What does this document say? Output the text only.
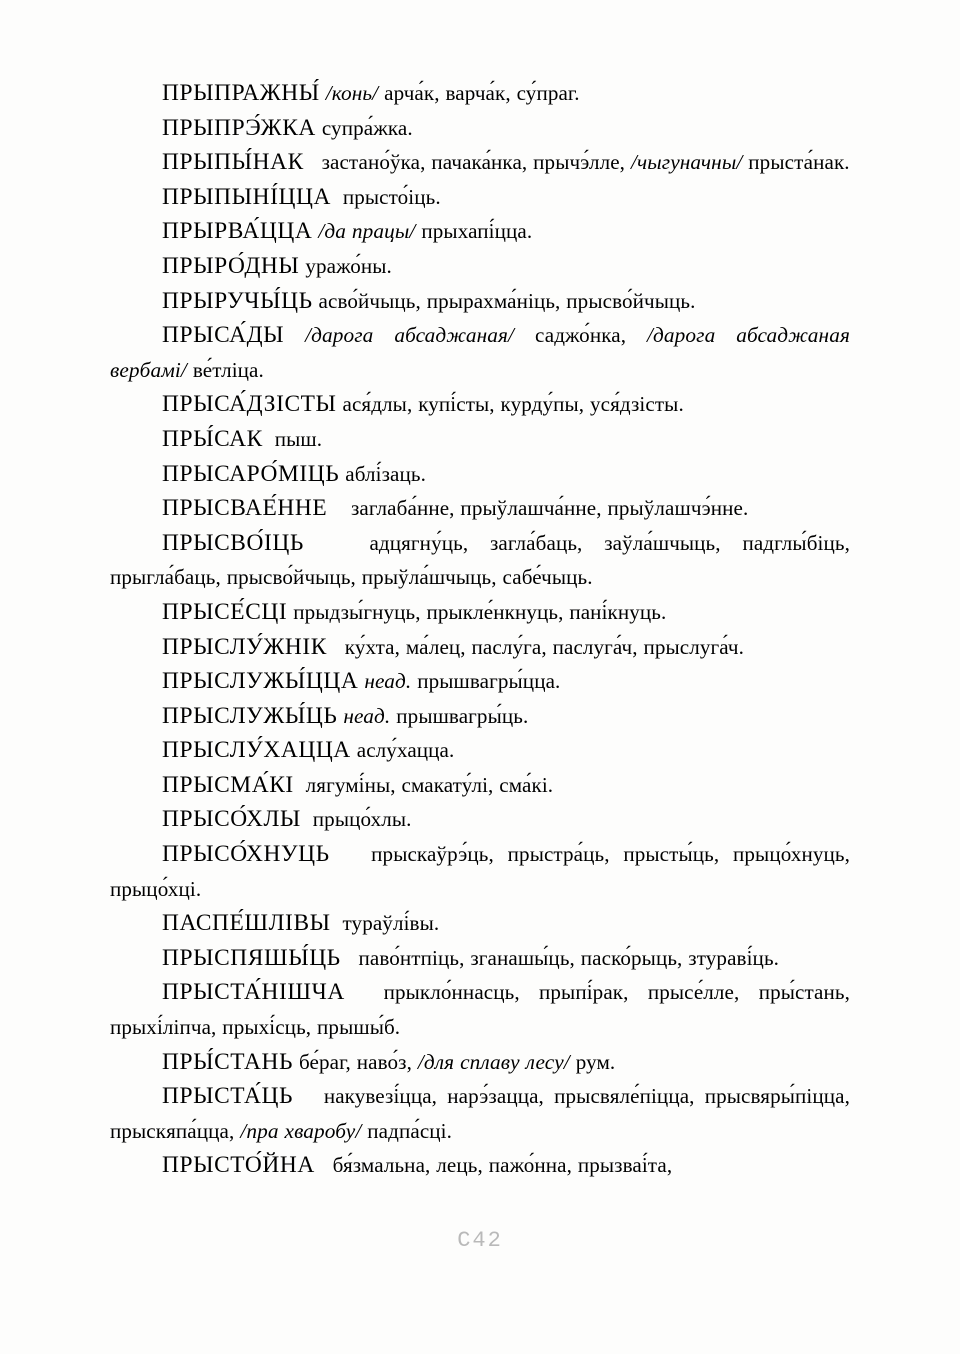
ПРЫПРАЖНЫ́ /конь/ арча́к, варча́к, су́праг.

ПРЫПРЭ́ЖКА супра́жка.

ПРЫПЫ́НАК застано́ўка, пачака́нка, прычэ́лле, /чыгуначны/ прыста́нак.

ПРЫПЫНІ́ЦЦА прысто́іць.

ПРЫРВА́ЦЦА /да працы/ прыхапі́цца.

ПРЫРО́ДНЫ уражо́ны.

ПРЫРУЧЫ́ЦЬ асво́йчыць, прырахма́ніць, прысво́йчыць.

ПРЫСА́ДЫ /дарога абсаджаная/ саджо́нка, /дарога абсаджаная вербамі/ ве́тліца.

ПРЫСА́ДЗІСТЫ ася́длы, купі́сты, курду́пы, уся́дзісты.

ПРЫ́САК пыш.

ПРЫСАРО́МІЦЬ аблі́заць.

ПРЫСВАЕ́ННЕ заглаба́нне, прыўлашча́нне, прыўлашчэ́нне.

ПРЫСВО́ІЦЬ	адцягну́ць, загла́баць, заўла́шчыць, падглы́біць, прыгла́баць, прысво́йчыць, прыўла́шчыць, сабе́чыць.

ПРЫСЕ́СЦІ прыдзы́гнуць, прыкле́нкнуць, пані́кнуць.

ПРЫСЛУ́ЖНІК ку́хта, ма́лец, паслу́га, паслуга́ч, прыслуга́ч.

ПРЫСЛУЖЫ́ЦЦА неад. прышвагры́цца.

ПРЫСЛУЖЫ́ЦЬ неад. прышвагры́ць.

ПРЫСЛУ́ХАЦЦА аслу́хацца.

ПРЫСМА́КІ лягумі́ны, смакату́лі, сма́кі.

ПРЫСО́ХЛЫ прыцо́хлы.

ПРЫСО́ХНУЦЬ прыскаўрэ́ць, прыстра́ць, прысты́ць, прыцо́хнуць, прыцо́хці.

ПАСПЕ́ШЛІВЫ тураўлі́вы.

ПРЫСПЯШЫ́ЦЬ паво́нтпіць, зганашы́ць, паско́рыць, зтураві́ць.

ПРЫСТА́НІШЧА прыкло́ннасць, прыпі́рак, прысе́лле, пры́стань, прыхі́ліпча, прыхі́сць, прышы́б.

ПРЫ́СТАНЬ бе́раг, наво́з, /для сплаву лесу/ рум.

ПРЫСТА́ЦЬ накувезі́цца, нарэ́зацца, прысвяле́піцца, прысвяры́піцца, прыскяпа́цца, /пра хваробу/ падпа́сці.

ПРЫСТО́ЙНА бя́змальна, лець, пажо́нна, прызваі́та,

С42
